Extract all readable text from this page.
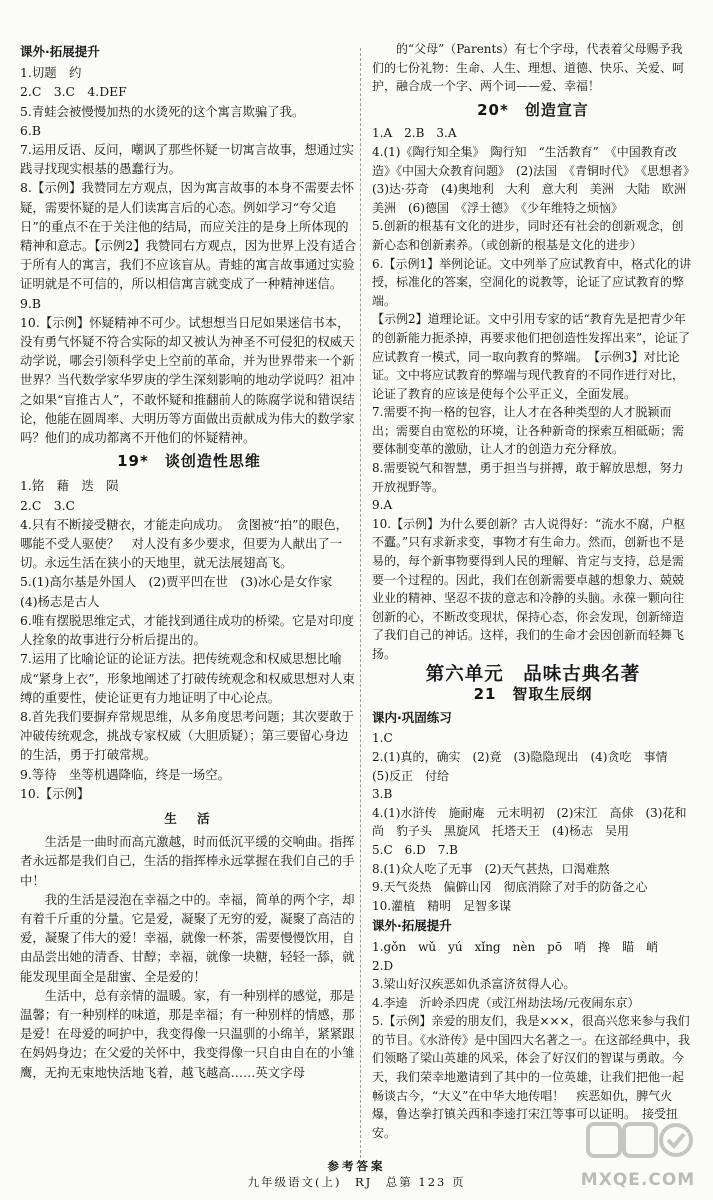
课外·拓展提升
1.切题　约
2.C　3.C　4.DEF
5.青蛙会被慢慢加热的水烫死的这个寓言欺骗了我。
6.B
7.运用反语、反问，嘲讽了那些怀疑一切寓言故事，想通过实践寻找现实根基的愚蠢行为。
8.【示例】我赞同左方观点，因为寓言故事的本身不需要去怀疑，需要怀疑的是人们读寓言后的心态。例如学习“夸父追日”的重点不在于关注他的结局，而应关注的是身上所体现的精神和意志。【示例2】我赞同右方观点，因为世界上没有适合于所有人的寓言，我们不应该盲从。青蛙的寓言故事通过实验证明就是不可信的，所以相信寓言就变成了一种精神迷信。
9.B
10.【示例】怀疑精神不可少。试想想当日尼如果迷信书本，没有勇气怀疑不符合实际的却又被认为神圣不可侵犯的权威天动学说，哪会引领科学史上空前的革命，并为世界带来一个新世界？当代数学家华罗庚的学生深刻影响的地动学说吗？祖冲之如果“盲推古人”，不敢怀疑和推翻前人的陈腐学说和错误结论，他能在圆周率、大明历等方面做出贡献成为伟大的数学家吗？他们的成功都离不开他们的怀疑精神。
19*　谈创造性思维
1.铭　藉　迭　陨
2.C　3.C
4.只有不断接受糖衣，才能走向成功。　贪图被“拍”的眼色，哪能不受人驱使？　对人没有多少要求，但要为人献出了一切。永远生活在狭小的天地里，就无法展翅高飞。
5.(1)高尔基是外国人　(2)贾平凹在世　(3)冰心是女作家　(4)杨志是古人
6.唯有摆脱思维定式，才能找到通往成功的桥梁。它是对印度人拴象的故事进行分析后提出的。
7.运用了比喻论证的论证方法。把传统观念和权威思想比喻成“紧身上衣”，形象地阐述了打破传统观念和权威思想对人束缚的重要性，使论证更有力地证明了中心论点。
8.首先我们要摒弃常规思维，从多角度思考问题；其次要敢于冲破传统观念，挑战专家权威（大胆质疑）；第三要留心身边的生活，勇于打破常规。
9.等待　坐等机遇降临，终是一场空。
10.【示例】
生　活

生活是一曲时而高亢激越，时而低沉平缓的交响曲。指挥者永远都是我们自己，生活的指挥棒永远掌握在我们自己的手中！

我的生活是浸泡在幸福之中的。幸福，简单的两个字，却有着千斤重的分量。它是爱，凝聚了无穷的爱，凝聚了高洁的爱，凝聚了伟大的爱！幸福，就像一杯茶，需要慢慢饮用，自由品尝出她的清香、甘醇；幸福，就像一块糖，轻轻一舔，就能发现里面全是甜蜜、全是爱的！

生活中，总有亲情的温暖。家，有一种别样的感觉，那是温馨；有一种别样的味道，那是幸福；有一种别样的情感，那是爱！在母爱的呵护中，我变得像一只温驯的小绵羊，紧紧跟在妈妈身边；在父爱的关怀中，我变得像一只自由自在的小雏鹰，无拘无束地快活地飞着，越飞越高……英文字母

的“父母”（Parents）有七个字母，代表着父母赐予我们的七份礼物：生命、人生、理想、道德、快乐、关爱、呵护，融合成一个字、两个词——爱、幸福！
20*　创造宣言
1.A　2.B　3.A
4.(1)《陶行知全集》　陶行知　“生活教育”　《中国教育改造》《中国大众教育问题》　(2)法国　《青铜时代》　《思想者》　(3)达·芬奇　(4)奥地利　大利　意大利　美洲　大陆　欧洲　美洲　(6)德国　《浮士德》　《少年维特之烦恼》
5.创新的根基有文化的进步，同时还有社会的创新观念，创新心态和创新素养。（或创新的根基是文化的进步）
6.【示例1】举例论证。文中列举了应试教育中，格式化的讲授，标准化的答案，空洞化的说教等，论证了应试教育的弊端。
【示例2】道理论证。文中引用专家的话“教育先是把青少年的创新能力扼杀掉，再要求他们把创造性发挥出来”，论证了应试教育一模式，同一取向教育的弊端。　【示例3】对比论证。文中将应试教育的弊端与现代教育的不同作进行对比，论证了教育的应该是使每个公平正义，全面发展。
7.需要不拘一格的包容，让人才在各种类型的人才脱颖而出；需要自由宽松的环境，让各种新奇的探索互相砥砺；需要体制变革的激励，让人才的创造力充分释放。
8.需要锐气和智慧，勇于担当与拼搏，敢于解放思想，努力开放视野等。
9.A
10.【示例】为什么要创新？古人说得好：“流水不腐，户枢不蠹。”只有求新求变，事物才有生命力。然而，创新也不是易的，每个新事物要得到人民的理解、肯定与支持，总是需要一个过程的。因此，我们在创新需要卓越的想象力、兢兢业业的精神、坚忍不拔的意志和冷静的头脑。永葆一颗向往创新的心，不断改变现状，保持心态，你会发现，创新缔造了我们自己的神话。这样，我们的生命才会因创新而轻舞飞扬。
第六单元　品味古典名著
21　智取生辰纲
课内·巩固练习
1.C
2.(1)真的，确实　(2)竟　(3)隐隐现出　(4)贪吃　事情　(5)反正　付给
3.B
4.(1)水浒传　施耐庵　元末明初　(2)宋江　高俅　(3)花和尚　豹子头　黑旋风　托塔天王　(4)杨志　吴用
5.C　6.D　7.B
8.(1)众人吃了无事　(2)天气甚热，口渴难熬
9.天气炎热　偏僻山冈　彻底消除了对手的防备之心
10.灌植　精明　足智多谋
课外·拓展提升
1.gǒn　wǔ　yú　xǐng　nèn　pō　哨　搀　瞄　峭
2.D
3.梁山好汉疾恶如仇杀富济贫得人心。
4.李逵　沂岭杀四虎（或江州劫法场/元夜闹东京）
5.【示例】亲爱的朋友们，我是×××，很高兴您来参与我们的节目。《水浒传》是中国四大名著之一。在这部经典中，我们领略了梁山英雄的风采，体会了好汉们的智谋与勇敢。今天，我们荣幸地邀请到了其中的一位英雄，让我们把他一起畅谈古今，“大义”在中华大地传唱！　疾恶如仇，脾气火爆，鲁达拳打镇关西和李逵打宋江等事可以证明。　接受扭安。
参考答案
九年级语文(上)　RJ　总第 123 页	MXQE.COM
